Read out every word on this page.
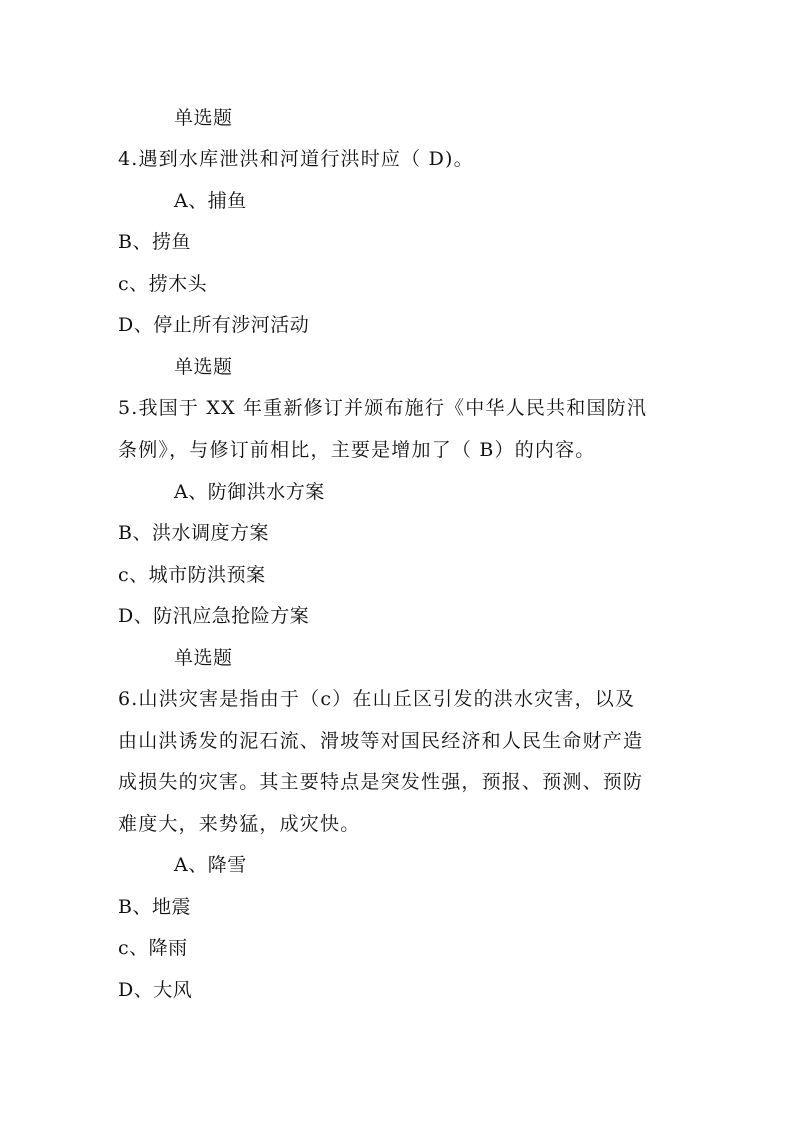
单选题
4.遇到水库泄洪和河道行洪时应（ D)。
A、捕鱼
B、捞鱼
c、捞木头
D、停止所有涉河活动
单选题
5.我国于 XX 年重新修订并颁布施行《中华人民共和国防汛
条例》，与修订前相比，主要是增加了（ B）的内容。
A、防御洪水方案
B、洪水调度方案
c、城市防洪预案
D、防汛应急抢险方案
单选题
6.山洪灾害是指由于（c）在山丘区引发的洪水灾害，以及
由山洪诱发的泥石流、滑坡等对国民经济和人民生命财产造
成损失的灾害。其主要特点是突发性强，预报、预测、预防
难度大，来势猛，成灾快。
A、降雪
B、地震
c、降雨
D、大风
